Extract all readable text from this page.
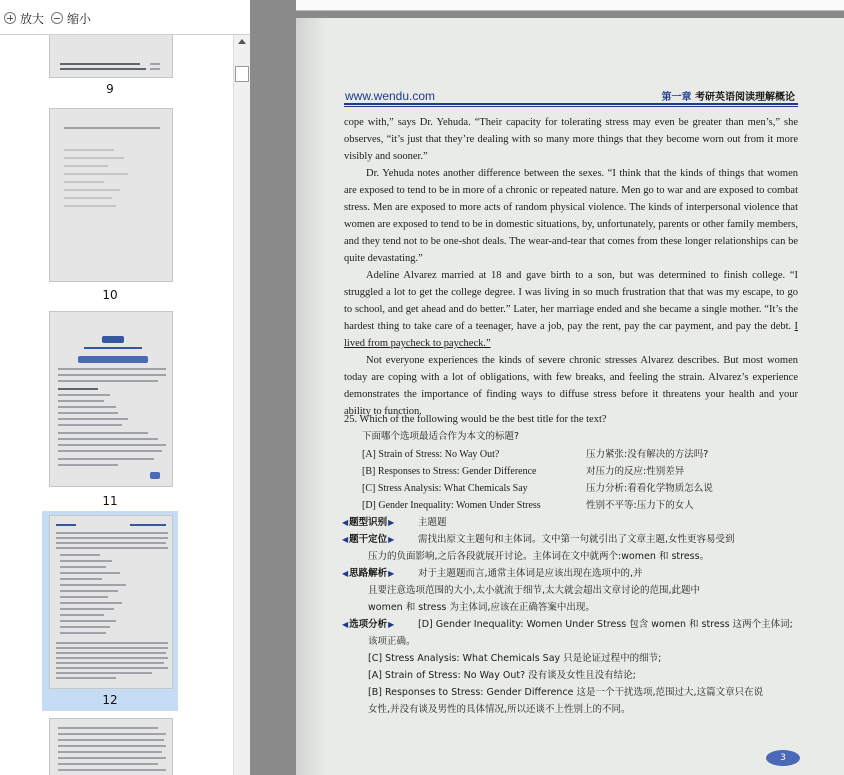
放大 缩小
9
10
11
12
www.wendu.com	第一章 考研英语阅读理解概论

cope with,” says Dr. Yehuda. “Their capacity for tolerating stress may even be greater than men’s,” she observes, “it’s just that they’re dealing with so many more things that they become worn out from it more visibly and sooner.”

Dr. Yehuda notes another difference between the sexes. “I think that the kinds of things that women are exposed to tend to be in more of a chronic or repeated nature. Men go to war and are exposed to combat stress. Men are exposed to more acts of random physical violence. The kinds of interpersonal violence that women are exposed to tend to be in domestic situations, by, unfortunately, parents or other family members, and they tend not to be one-shot deals. The wear-and-tear that comes from these longer relationships can be quite devastating.”

Adeline Alvarez married at 18 and gave birth to a son, but was determined to finish college. “I struggled a lot to get the college degree. I was living in so much frustration that that was my escape, to go to school, and get ahead and do better.” Later, her marriage ended and she became a single mother. “It’s the hardest thing to take care of a teenager, have a job, pay the rent, pay the car payment, and pay the debt. I lived from paycheck to paycheck.”

Not everyone experiences the kinds of severe chronic stresses Alvarez describes. But most women today are coping with a lot of obligations, with few breaks, and feeling the strain. Alvarez’s experience demonstrates the importance of finding ways to diffuse stress before it threatens your health and your ability to function.

25. Which of the following would be the best title for the text?
下面哪个选项最适合作为本文的标题?
[A] Strain of Stress: No Way Out?	压力紧张:没有解决的方法吗?
[B] Responses to Stress: Gender Difference	对压力的反应:性别差异
[C] Stress Analysis: What Chemicals Say	压力分析:看看化学物质怎么说
[D] Gender Inequality: Women Under Stress	性别不平等:压力下的女人
◀ 题型识别 ▶	主题题
◀ 题干定位 ▶	需找出原文主题句和主体词。文中第一句就引出了文章主题,女性更容易受到
压力的负面影响,之后各段就展开讨论。主体词在文中就两个:women 和 stress。
◀ 思路解析 ▶	对于主题题而言,通常主体词是应该出现在选项中的,并
且要注意选项范围的大小,太小就流于细节,太大就会超出文章讨论的范围,此题中
women 和 stress 为主体词,应该在正确答案中出现。
◀ 选项分析 ▶	[D] Gender Inequality: Women Under Stress 包含 women 和 stress 这两个主体词;
该项正确。
[C] Stress Analysis: What Chemicals Say 只是论证过程中的细节;
[A] Strain of Stress: No Way Out? 没有谈及女性且没有结论;
[B] Responses to Stress: Gender Difference 这是一个干扰选项,范围过大,这篇文章只在说
女性,并没有谈及男性的具体情况,所以还谈不上性别上的不同。
3
